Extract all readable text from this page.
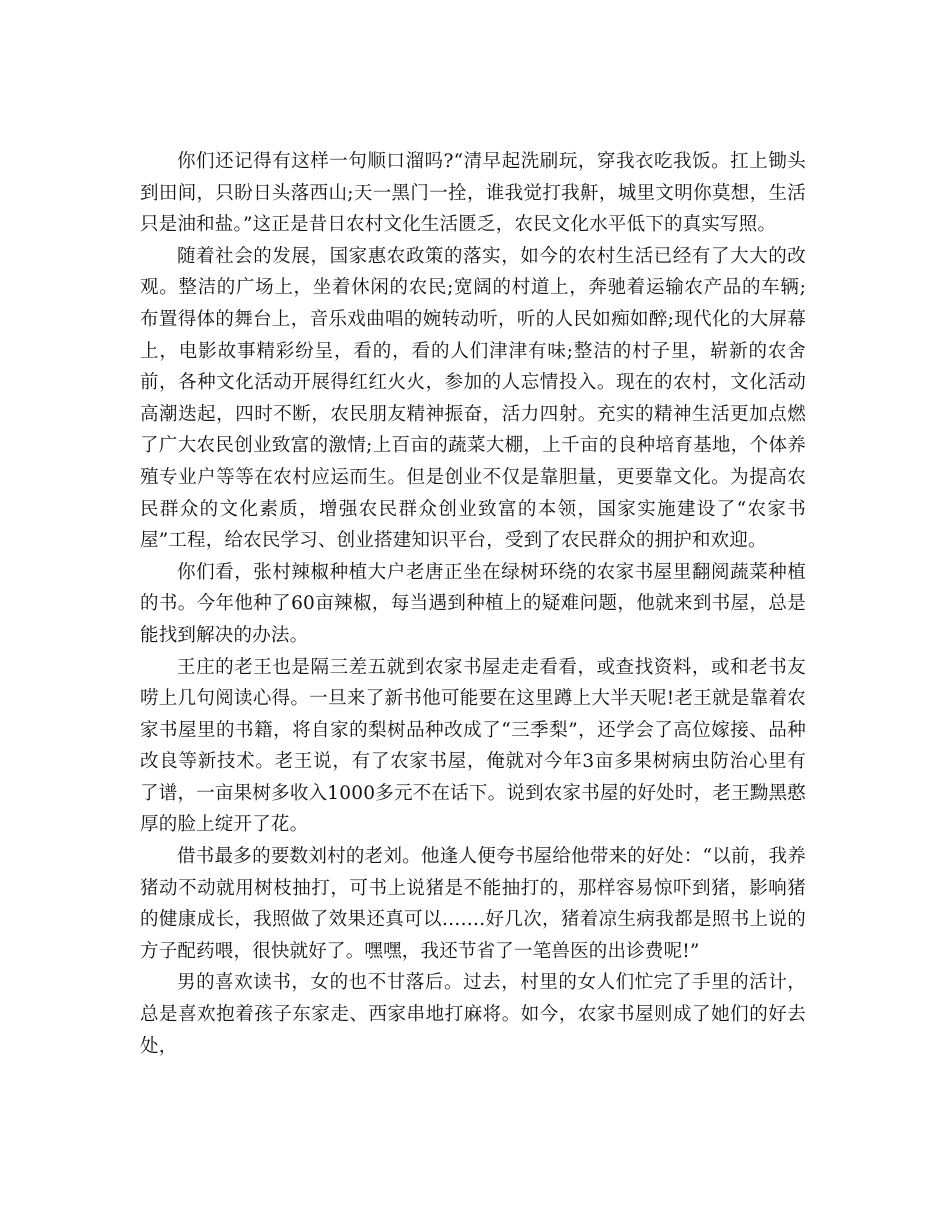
你们还记得有这样一句顺口溜吗?“清早起洗刷玩，穿我衣吃我饭。扛上锄头到田间，只盼日头落西山;天一黑门一拴，谁我觉打我鼾，城里文明你莫想，生活只是油和盐。”这正是昔日农村文化生活匮乏，农民文化水平低下的真实写照。

随着社会的发展，国家惠农政策的落实，如今的农村生活已经有了大大的改观。整洁的广场上，坐着休闲的农民;宽阔的村道上，奔驰着运输农产品的车辆;布置得体的舞台上，音乐戏曲唱的婉转动听，听的人民如痴如醉;现代化的大屏幕上，电影故事精彩纷呈，看的，看的人们津津有味;整洁的村子里，崭新的农舍前，各种文化活动开展得红红火火，参加的人忘情投入。现在的农村，文化活动高潮迭起，四时不断，农民朋友精神振奋，活力四射。充实的精神生活更加点燃了广大农民创业致富的激情;上百亩的蔬菜大棚，上千亩的良种培育基地，个体养殖专业户等等在农村应运而生。但是创业不仅是靠胆量，更要靠文化。为提高农民群众的文化素质，增强农民群众创业致富的本领，国家实施建设了“农家书屋”工程，给农民学习、创业搭建知识平台，受到了农民群众的拥护和欢迎。

你们看，张村辣椒种植大户老唐正坐在绿树环绕的农家书屋里翻阅蔬菜种植的书。今年他种了60亩辣椒，每当遇到种植上的疑难问题，他就来到书屋，总是能找到解决的办法。

王庄的老王也是隔三差五就到农家书屋走走看看，或查找资料，或和老书友唠上几句阅读心得。一旦来了新书他可能要在这里蹲上大半天呢!老王就是靠着农家书屋里的书籍，将自家的梨树品种改成了“三季梨”，还学会了高位嫁接、品种改良等新技术。老王说，有了农家书屋，俺就对今年3亩多果树病虫防治心里有了谱，一亩果树多收入1000多元不在话下。说到农家书屋的好处时，老王黝黑憨厚的脸上绽开了花。

借书最多的要数刘村的老刘。他逢人便夸书屋给他带来的好处：“以前，我养猪动不动就用树枝抽打，可书上说猪是不能抽打的，那样容易惊吓到猪，影响猪的健康成长，我照做了效果还真可以…….好几次，猪着凉生病我都是照书上说的方子配药喂，很快就好了。嘿嘿，我还节省了一笔兽医的出诊费呢!”

男的喜欢读书，女的也不甘落后。过去，村里的女人们忙完了手里的活计，总是喜欢抱着孩子东家走、西家串地打麻将。如今，农家书屋则成了她们的好去处，
